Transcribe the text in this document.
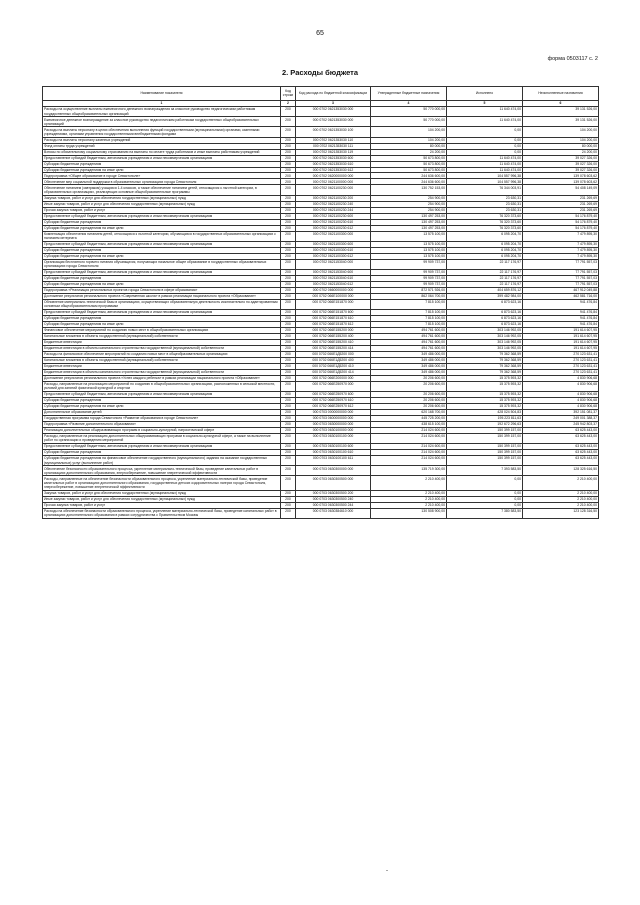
65
форма 0503117 с. 2
2. Расходы бюджета
Наименование показателя	Код строки	Код расхода по бюджетной классификации	Утвержденные бюджетные назначения	Исполнено	Неисполненные назначения
1	2	3	4	5	6
Расходы на осуществление выплаты ежемесячного денежного вознаграждения за классное руководство педагогическим работникам государственных общеобразовательных организаций	200	000 0702 0621353030 000	50 770 000,00	11 640 474,00	39 131 526,00
Ежемесячное денежное вознаграждение за классное руководство педагогическим работникам государственных общеобразовательных организаций	200	000 0702 0621353030 000	50 770 000,00	11 640 474,00	39 131 526,00
Расходы на выплаты персоналу в целях обеспечения выполнения функций государственными (муниципальными) органами, казенными учреждениями, органами управления государственными внебюджетными фондами	200	000 0702 0621353030 100	104 200,00	0,00	104 200,00
Расходы на выплаты персоналу казенных учреждений	200	000 0702 0621353030 110	104 200,00	0,00	104 200,00
Фонд оплаты труда учреждений	200	000 0702 0621353030 111	80 000,00	0,00	80 000,00
Взносы по обязательному социальному страхованию на выплаты по оплате труда работников и иные выплаты работникам учреждений	200	000 0702 0621353030 119	24 200,00	0,00	24 200,00
Предоставление субсидий бюджетным, автономным учреждениям и иным некоммерческим организациям	200	000 0702 0621353030 600	50 673 800,00	11 640 474,00	39 027 326,00
Субсидии бюджетным учреждениям	200	000 0702 0621353030 610	50 673 800,00	11 640 474,00	39 027 326,00
Субсидии бюджетным учреждениям на иные цели	200	000 0702 0621353030 612	50 673 800,00	11 640 474,00	39 027 326,00
Подпрограмма «Общее образование в городе Севастополе»	200	000 0702 0620000000 000	244 636 600,00	104 557 996,38	139 078 603,62
Обеспечение мер социальной поддержки в образовательных организациях города Севастополя	200	000 0702 0621100000 000	244 636 600,00	104 557 996,38	139 078 603,62
Обеспечение питанием (завтраком) учащихся 1-4 классов, а также обеспечение питанием детей, относящихся к льготной категории, в образовательных организациях, реализующих основные общеобразовательные программы	200	000 0702 0621100230 000	130 752 153,00	76 344 003,91	54 408 149,09
Закупка товаров, работ и услуг для обеспечения государственных (муниципальных) нужд	200	000 0702 0621100230 200	254 900,00	23 630,31	231 269,69
Иные закупки товаров, работ и услуг для обеспечения государственных (муниципальных) нужд	200	000 0702 0621100230 240	254 900,00	23 630,31	231 269,69
Прочая закупка товаров, работ и услуг	200	000 0702 0621100230 244	254 900,00	23 630,31	231 269,69
Предоставление субсидий бюджетным, автономным учреждениям и иным некоммерческим организациям	200	000 0702 0621100230 600	130 497 253,00	76 320 373,60	54 176 879,40
Субсидии бюджетным учреждениям	200	000 0702 0621100230 610	130 497 253,00	76 320 373,60	54 176 879,40
Субсидии бюджетным учреждениям на иные цели	200	000 0702 0621100230 612	130 497 253,00	76 320 373,60	54 176 879,40
Компенсация обеспечения питанием детей, относящихся к льготной категории, обучающихся в государственных образовательных организациях с наличием интерната	200	000 0702 0621100300 000	13 575 100,00	6 095 204,70	7 479 895,30
Предоставление субсидий бюджетным, автономным учреждениям и иным некоммерческим организациям	200	000 0702 0621100300 600	13 575 100,00	6 095 204,70	7 479 895,30
Субсидии бюджетным учреждениям	200	000 0702 0621100300 610	13 575 100,00	6 095 204,70	7 479 895,30
Субсидии бюджетным учреждениям на иные цели	200	000 0702 0621100300 612	13 575 100,00	6 095 204,70	7 479 895,30
Организация бесплатного горячего питания обучающихся, получающих начальное общее образование в государственных образовательных организациях города Севастополя	200	000 0702 0621153040 000	99 909 737,00	22 117 176,97	77 791 557,03
Предоставление субсидий бюджетным, автономным учреждениям и иным некоммерческим организациям	200	000 0702 0621153040 600	99 909 737,00	22 117 176,97	77 791 557,03
Субсидии бюджетным учреждениям	200	000 0702 0621153040 610	99 909 737,00	22 117 176,97	77 791 557,03
Субсидии бюджетным учреждениям на иные цели	200	000 0702 0621153040 612	99 909 737,00	22 117 176,97	77 791 557,03
Подпрограмма «Реализация региональных проектов города Севастополя в сфере образования»	200	000 0702 0660000000 000	872 571 926,00	404 659 876,12	467 912 049,88
Достижение результатов регионального проекта «Современная школа» в рамках реализации национального проекта «Образование»	200	000 0702 066E100000 000	862 064 700,00	399 482 984,00	462 581 716,00
Обновление материально-технической базы в организациях, осуществляющих образовательную деятельность исключительно по адаптированным основным общеобразовательным программам	200	000 0702 066E151870 000	7 815 100,00	6 873 623,16	941 476,84
Предоставление субсидий бюджетным, автономным учреждениям и иным некоммерческим организациям	200	000 0702 066E151870 600	7 815 100,00	6 873 623,16	941 476,84
Субсидии бюджетным учреждениям	200	000 0702 066E151870 610	7 815 100,00	6 873 623,16	941 476,84
Субсидии бюджетным учреждениям на иные цели	200	000 0702 066E151870 612	7 815 100,00	6 873 623,16	941 476,84
Финансовое обеспечение мероприятий по созданию новых мест в общеобразовательных организациях	200	000 0702 066E155200 000	494 761 600,00	303 146 992,05	191 614 607,95
Капитальные вложения в объекты государственной (муниципальной) собственности	200	000 0702 066E155200 400	494 761 600,00	303 146 992,05	191 614 607,95
Бюджетные инвестиции	200	000 0702 066E155200 410	494 761 600,00	303 146 992,05	191 614 607,95
Бюджетные инвестиции в объекты капитального строительства государственной (муниципальной) собственности	200	000 0702 066E155200 414	494 761 600,00	303 146 992,05	191 614 607,95
Расходы на финансовое обеспечение мероприятий по созданию новых мест в общеобразовательных организациях	200	000 0702 066E1Д5200 000	349 486 000,00	79 362 368,59	270 123 631,41
Капитальные вложения в объекты государственной (муниципальной) собственности	200	000 0702 066E1Д5200 400	349 486 000,00	79 362 368,59	270 123 631,41
Бюджетные инвестиции	200	000 0702 066E1Д5200 410	349 486 000,00	79 362 368,59	270 123 631,41
Бюджетные инвестиции в объекты капитального строительства государственной (муниципальной) собственности	200	000 0702 066E1Д5200 414	349 486 000,00	79 362 368,59	270 123 631,41
Достижение результатов регионального проекта «Успех каждого ребенка» в рамках реализации национального проекта «Образование»	200	000 0702 066E200000 000	20 206 600,00	15 375 593,32	4 830 906,68
Расходы, направленные на реализацию мероприятий по созданию в общеобразовательных организациях, расположенных в сельской местности, условий для занятий физической культурой и спортом	200	000 0702 066E250970 000	20 206 600,00	15 375 593,32	4 830 906,68
Предоставление субсидий бюджетным, автономным учреждениям и иным некоммерческим организациям	200	000 0702 066E250970 600	20 206 600,00	15 375 593,32	4 830 906,68
Субсидии бюджетным учреждениям	200	000 0702 066E250970 610	20 206 600,00	15 375 593,32	4 830 906,68
Субсидии бюджетным учреждениям на иные цели	200	000 0702 066E250970 612	20 206 600,00	15 375 593,32	4 830 906,68
Дополнительное образование детей	200	000 0703 0000000000 000	620 168 700,00	428 024 504,83	392 151 081,37
Государственная программа города Севастополя «Развитие образования в городе Севастополе»	200	000 0703 0600000000 000	445 725 200,00	195 223 811,63	249 001 388,37
Подпрограмма «Развитие дополнительного образования»	200	000 0703 0630000000 000	438 615 100,00	192 672 296,63	245 942 803,37
Реализация дополнительных общеразвивающих программ в социально-культурной, патриотической сфере	200	000 0703 0630100000 000	214 024 600,00	150 399 157,00	63 625 443,00
Расходы, направленные на реализацию дополнительных общеразвивающих программ в социально-культурной сфере, а также на выполнение работ по организации и проведению мероприятий	200	000 0703 0630100100 000	214 024 600,00	150 399 157,00	63 625 443,00
Предоставление субсидий бюджетным, автономным учреждениям и иным некоммерческим организациям	200	000 0703 0630100100 600	214 024 600,00	150 399 157,00	63 625 443,00
Субсидии бюджетным учреждениям	200	000 0703 0630100100 610	214 024 600,00	150 399 157,00	63 625 443,00
Субсидии бюджетным учреждениям на финансовое обеспечение государственного (муниципального) задания на оказание государственных (муниципальных) услуг (выполнение работ)	200	000 0703 0630100100 611	214 024 600,00	150 399 157,00	63 625 443,00
Обеспечение безопасности образовательного процесса, укрепление материально-технической базы, проведение капитальных работ в организациях дополнительного образования, энергосбережение, повышение энергетической эффективности	200	000 0703 0630300000 000	135 719 300,00	7 393 583,50	128 325 616,50
Расходы, направленные на обеспечение безопасности образовательного процесса, укрепление материально-технической базы, проведение капитальных работ в организациях дополнительного образования, государственных детских оздоровительных лагерях города Севастополя, энергосбережение, повышение энергетической эффективности	200	000 0703 0630300500 000	2 210 400,00	0,00	2 210 400,00
Закупка товаров, работ и услуг для обеспечения государственных (муниципальных) нужд	200	000 0703 0630300500 200	2 210 400,00	0,00	2 210 400,00
Иные закупки товаров, работ и услуг для обеспечения государственных (муниципальных) нужд	200	000 0703 0630300500 240	2 210 400,00	0,00	2 210 400,00
Прочая закупка товаров, работ и услуг	200	000 0703 0630300500 244	2 210 400,00	0,00	2 210 400,00
Расходы на обеспечение безопасности образовательного процесса, укрепление материально-технической базы, проведение капитальных работ в организациях дополнительного образования в рамках сотрудничества с Правительством Москвы	200	000 0703 0630384610 000	130 508 900,00	7 380 583,50	123 128 316,50
-
